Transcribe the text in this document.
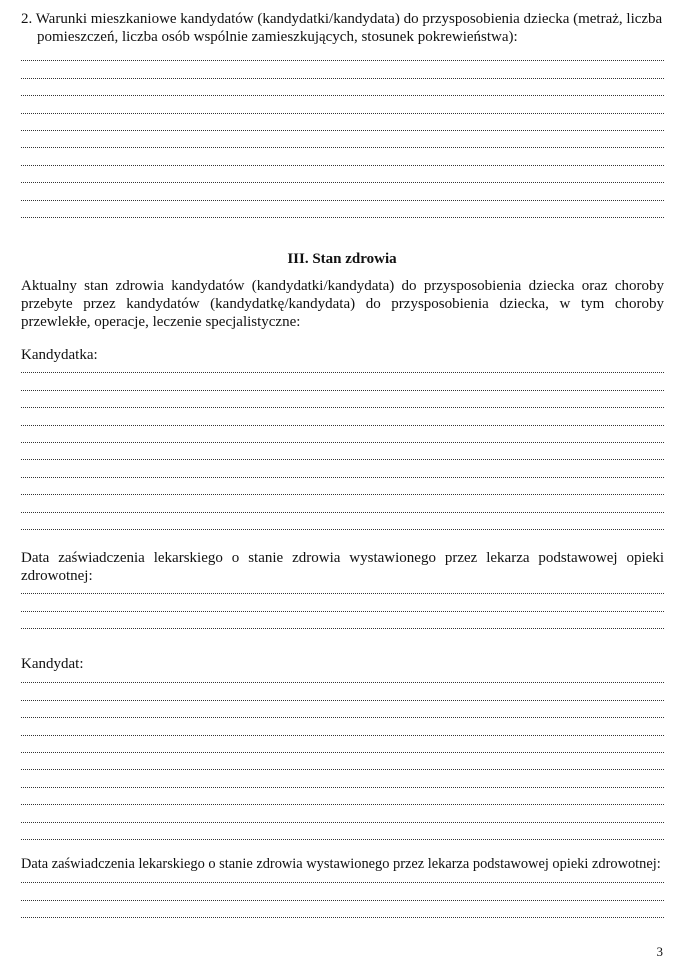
2. Warunki mieszkaniowe kandydatów (kandydatki/kandydata) do przysposobienia dziecka (metraż, liczba
pomieszczeń, liczba osób wspólnie zamieszkujących, stosunek pokrewieństwa):
III. Stan zdrowia
Aktualny stan zdrowia kandydatów (kandydatki/kandydata) do przysposobienia dziecka oraz choroby przebyte przez kandydatów (kandydatkę/kandydata) do przysposobienia dziecka, w tym choroby przewlekłe, operacje, leczenie specjalistyczne:
Kandydatka:
Data zaświadczenia lekarskiego o stanie zdrowia wystawionego przez lekarza podstawowej opieki zdrowotnej:
Kandydat:
Data zaświadczenia lekarskiego o stanie zdrowia wystawionego przez lekarza podstawowej opieki zdrowotnej:
3
